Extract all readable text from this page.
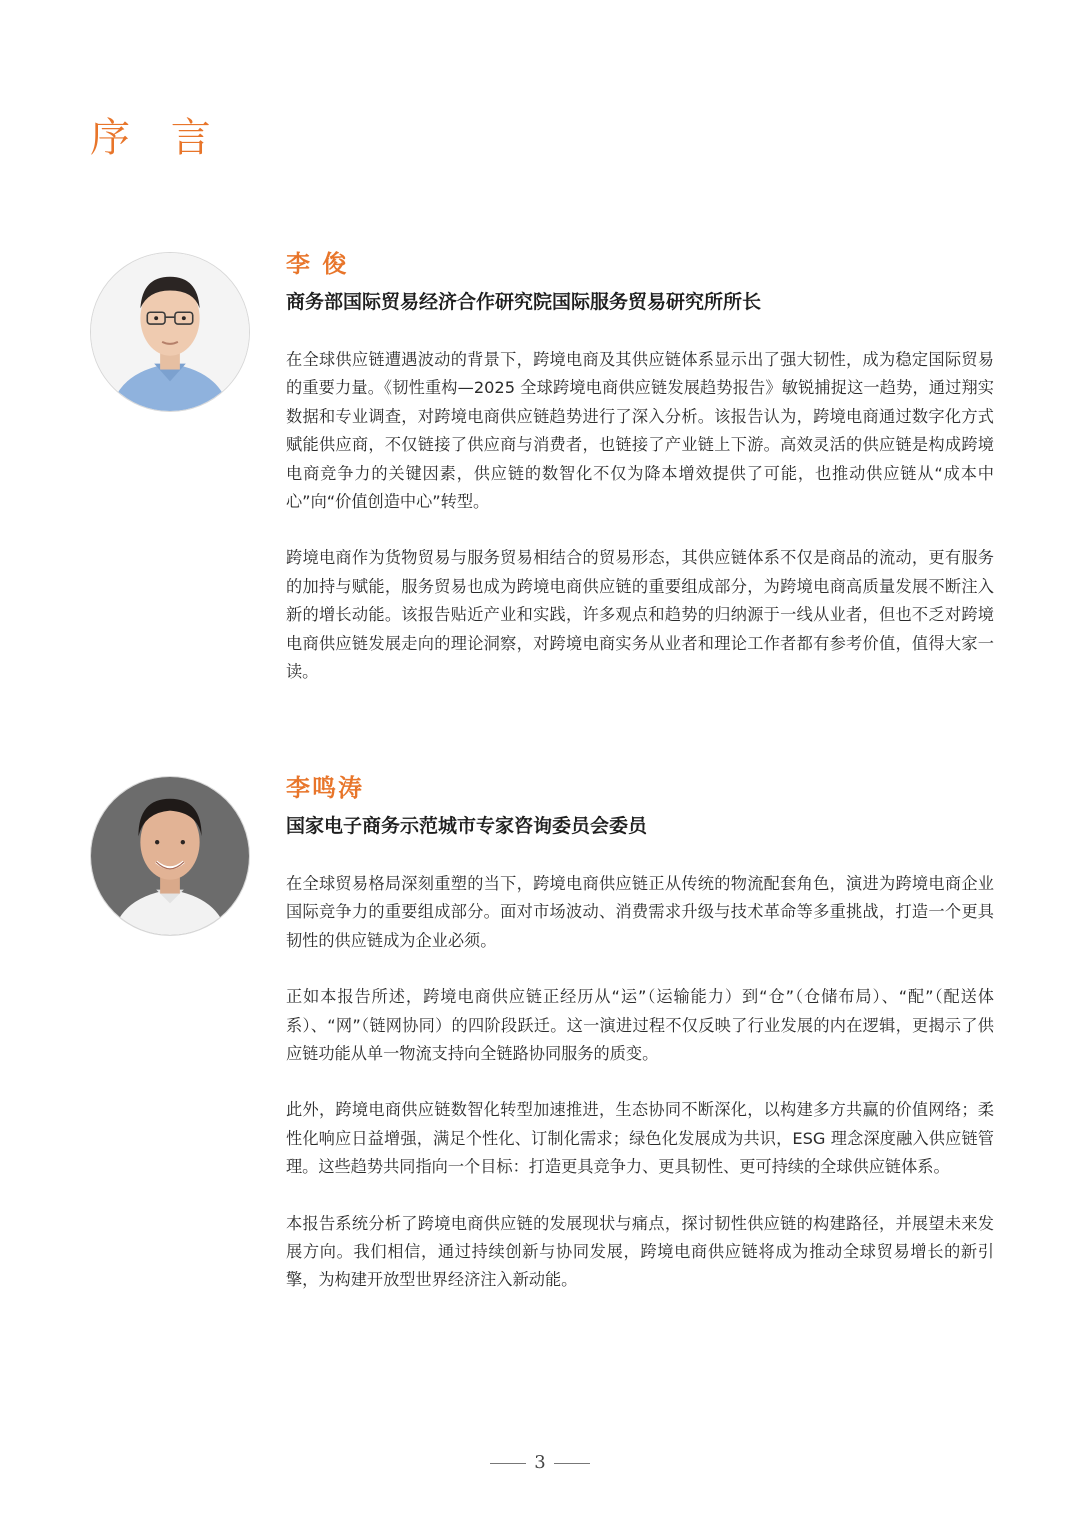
序 言
李 俊
商务部国际贸易经济合作研究院国际服务贸易研究所所长

在全球供应链遭遇波动的背景下，跨境电商及其供应链体系显示出了强大韧性，成为稳定国际贸易的重要力量。《韧性重构—2025 全球跨境电商供应链发展趋势报告》敏锐捕捉这一趋势，通过翔实数据和专业调查，对跨境电商供应链趋势进行了深入分析。该报告认为，跨境电商通过数字化方式赋能供应商，不仅链接了供应商与消费者，也链接了产业链上下游。高效灵活的供应链是构成跨境电商竞争力的关键因素，供应链的数智化不仅为降本增效提供了可能，也推动供应链从“成本中心”向“价值创造中心”转型。

跨境电商作为货物贸易与服务贸易相结合的贸易形态，其供应链体系不仅是商品的流动，更有服务的加持与赋能，服务贸易也成为跨境电商供应链的重要组成部分，为跨境电商高质量发展不断注入新的增长动能。该报告贴近产业和实践，许多观点和趋势的归纳源于一线从业者，但也不乏对跨境电商供应链发展走向的理论洞察，对跨境电商实务从业者和理论工作者都有参考价值，值得大家一读。

李鸣涛
国家电子商务示范城市专家咨询委员会委员

在全球贸易格局深刻重塑的当下，跨境电商供应链正从传统的物流配套角色，演进为跨境电商企业国际竞争力的重要组成部分。面对市场波动、消费需求升级与技术革命等多重挑战，打造一个更具韧性的供应链成为企业必须。

正如本报告所述，跨境电商供应链正经历从“运”（运输能力）到“仓”（仓储布局）、“配”（配送体系）、“网”（链网协同）的四阶段跃迁。这一演进过程不仅反映了行业发展的内在逻辑，更揭示了供应链功能从单一物流支持向全链路协同服务的质变。

此外，跨境电商供应链数智化转型加速推进，生态协同不断深化，以构建多方共赢的价值网络；柔性化响应日益增强，满足个性化、订制化需求；绿色化发展成为共识，ESG 理念深度融入供应链管理。这些趋势共同指向一个目标：打造更具竞争力、更具韧性、更可持续的全球供应链体系。

本报告系统分析了跨境电商供应链的发展现状与痛点，探讨韧性供应链的构建路径，并展望未来发展方向。我们相信，通过持续创新与协同发展，跨境电商供应链将成为推动全球贸易增长的新引擎，为构建开放型世界经济注入新动能。

3
